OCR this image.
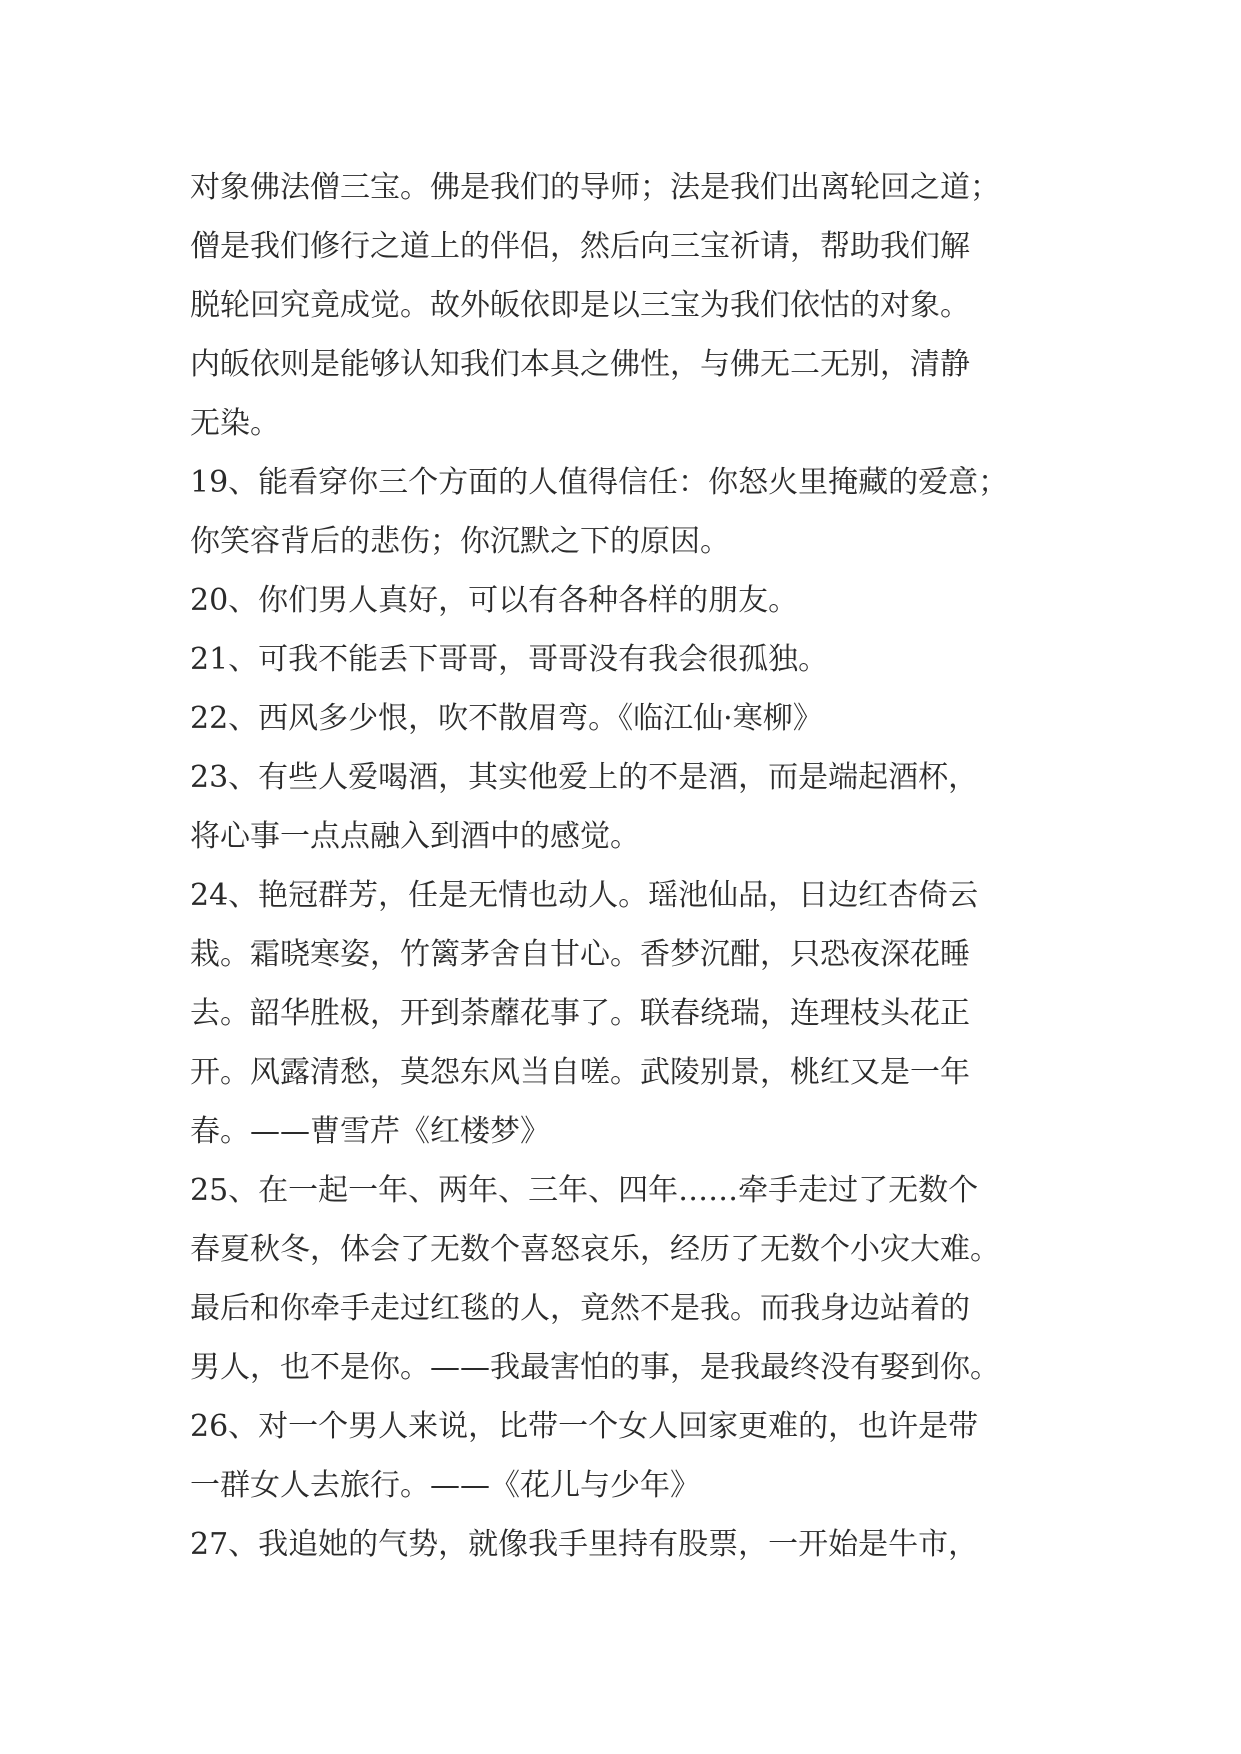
对象佛法僧三宝。佛是我们的导师；法是我们出离轮回之道；

僧是我们修行之道上的伴侣，然后向三宝祈请，帮助我们解

脱轮回究竟成觉。故外皈依即是以三宝为我们依怙的对象。

内皈依则是能够认知我们本具之佛性，与佛无二无别，清静

无染。

19、能看穿你三个方面的人值得信任：你怒火里掩藏的爱意；

你笑容背后的悲伤；你沉默之下的原因。

20、你们男人真好，可以有各种各样的朋友。

21、可我不能丢下哥哥，哥哥没有我会很孤独。

22、西风多少恨，吹不散眉弯。《临江仙·寒柳》

23、有些人爱喝酒，其实他爱上的不是酒，而是端起酒杯，

将心事一点点融入到酒中的感觉。

24、艳冠群芳，任是无情也动人。瑶池仙品，日边红杏倚云

栽。霜晓寒姿，竹篱茅舍自甘心。香梦沉酣，只恐夜深花睡

去。韶华胜极，开到荼蘼花事了。联春绕瑞，连理枝头花正

开。风露清愁，莫怨东风当自嗟。武陵别景，桃红又是一年

春。——曹雪芹《红楼梦》

25、在一起一年、两年、三年、四年……牵手走过了无数个

春夏秋冬，体会了无数个喜怒哀乐，经历了无数个小灾大难。

最后和你牵手走过红毯的人，竟然不是我。而我身边站着的

男人，也不是你。——我最害怕的事，是我最终没有娶到你。

26、对一个男人来说，比带一个女人回家更难的，也许是带

一群女人去旅行。——《花儿与少年》

27、我追她的气势，就像我手里持有股票，一开始是牛市，
